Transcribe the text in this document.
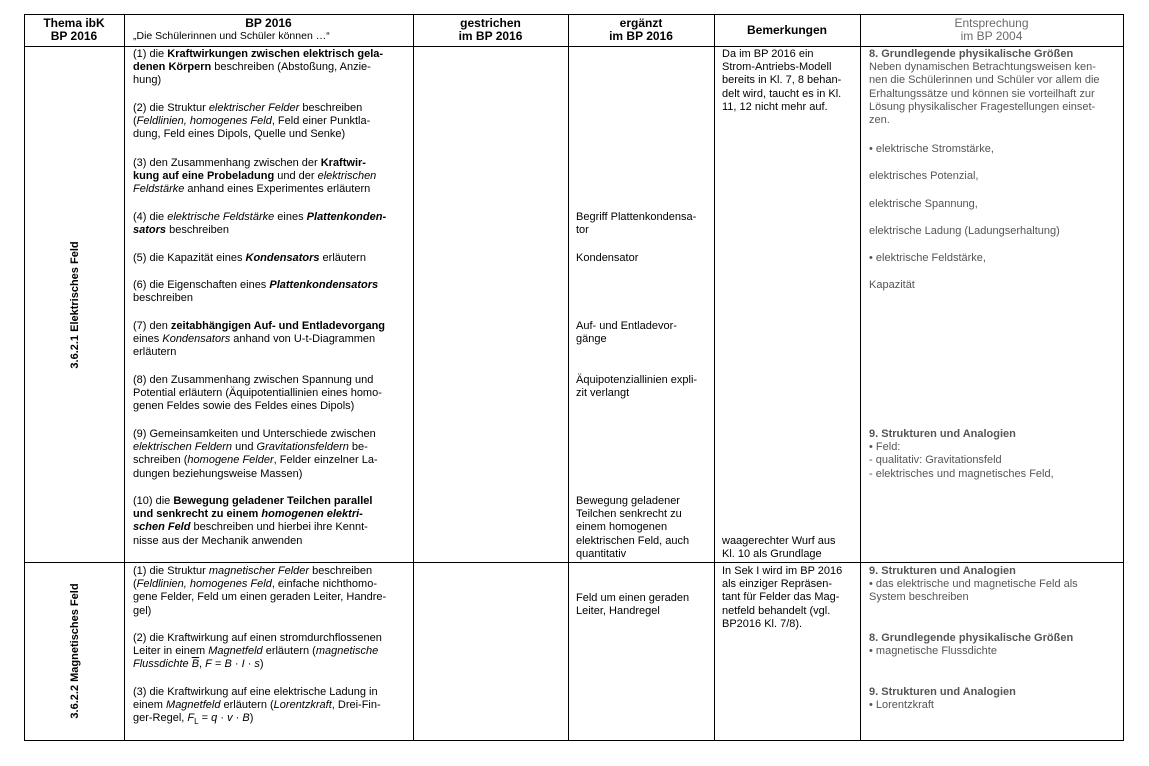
Thema ibK
BP 2016
BP 2016
„Die Schülerinnen und Schüler können …“
gestrichen
im BP 2016
ergänzt
im BP 2016	Bemerkungen	Entsprechung
im BP 2004
3.6.2.1 Elektrisches Feld
3.6.2.2 Magnetisches Feld
(1) die Kraftwirkungen zwischen elektrisch gela-
denen Körpern beschreiben (Abstoßung, Anzie-
hung)
(2) die Struktur elektrischer Felder beschreiben
(Feldlinien, homogenes Feld, Feld einer Punktla-
dung, Feld eines Dipols, Quelle und Senke)
(3) den Zusammenhang zwischen der Kraftwir-
kung auf eine Probeladung und der elektrischen
Feldstärke anhand eines Experimentes erläutern
(4) die elektrische Feldstärke eines Plattenkonden-
sators beschreiben
(5) die Kapazität eines Kondensators erläutern
(6) die Eigenschaften eines Plattenkondensators
beschreiben
(7) den zeitabhängigen Auf- und Entladevorgang
eines Kondensators anhand von U-t-Diagrammen
erläutern
(8) den Zusammenhang zwischen Spannung und
Potential erläutern (Äquipotentiallinien eines homo-
genen Feldes sowie des Feldes eines Dipols)
(9) Gemeinsamkeiten und Unterschiede zwischen
elektrischen Feldern und Gravitationsfeldern be-
schreiben (homogene Felder, Felder einzelner La-
dungen beziehungsweise Massen)
(10) die Bewegung geladener Teilchen parallel
und senkrecht zu einem homogenen elektri-
schen Feld beschreiben und hierbei ihre Kennt-
nisse aus der Mechanik anwenden
Begriff Plattenkondensa-
tor
Kondensator
Auf- und Entladevor-
gänge
Äquipotenziallinien expli-
zit verlangt
Bewegung geladener
Teilchen senkrecht zu
einem homogenen
elektrischen Feld, auch
quantitativ
Da im BP 2016 ein
Strom-Antriebs-Modell
bereits in Kl. 7, 8 behan-
delt wird, taucht es in Kl.
11, 12 nicht mehr auf.
waagerechter Wurf aus
Kl. 10 als Grundlage
8. Grundlegende physikalische Größen
Neben dynamischen Betrachtungsweisen ken-
nen die Schülerinnen und Schüler vor allem die
Erhaltungssätze und können sie vorteilhaft zur
Lösung physikalischer Fragestellungen einset-
zen.
• elektrische Stromstärke,
elektrisches Potenzial,
elektrische Spannung,
elektrische Ladung (Ladungserhaltung)
• elektrische Feldstärke,
Kapazität
9. Strukturen und Analogien
• Feld:
- qualitativ: Gravitationsfeld
- elektrisches und magnetisches Feld,
(1) die Struktur magnetischer Felder beschreiben
(Feldlinien, homogenes Feld, einfache nichthomo-
gene Felder, Feld um einen geraden Leiter, Handre-
gel)
(2) die Kraftwirkung auf einen stromdurchflossenen
Leiter in einem Magnetfeld erläutern (magnetische
Flussdichte $\overline{B}$, F = B · I · s)
(3) die Kraftwirkung auf eine elektrische Ladung in
einem Magnetfeld erläutern (Lorentzkraft, Drei-Fin-
ger-Regel, $F_L = q \cdot v \cdot B$)
Feld um einen geraden
Leiter, Handregel
In Sek I wird im BP 2016
als einziger Repräsen-
tant für Felder das Mag-
netfeld behandelt (vgl.
BP2016 Kl. 7/8).
9. Strukturen und Analogien
• das elektrische und magnetische Feld als
System beschreiben
8. Grundlegende physikalische Größen
• magnetische Flussdichte
9. Strukturen und Analogien
• Lorentzkraft
